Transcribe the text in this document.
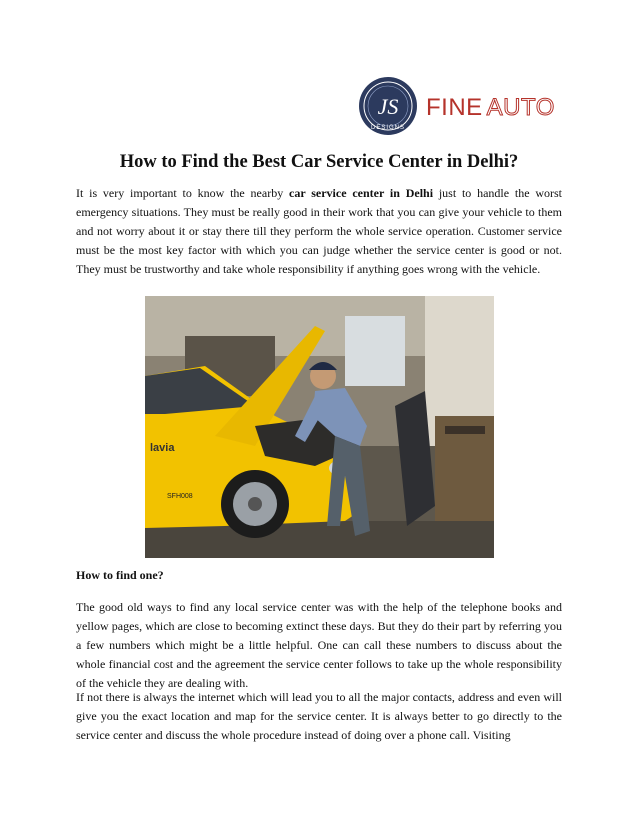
JS
DESIGNS
FINE AUTO
How to Find the Best Car Service Center in Delhi?

It is very important to know the nearby car service center in Delhi just to handle the worst emergency situations. They must be really good in their work that you can give your vehicle to them and not worry about it or stay there till they perform the whole service operation. Customer service must be the most key factor with which you can judge whether the service center is good or not. They must be trustworthy and take whole responsibility if anything goes wrong with the vehicle.

lavia
SFH008
How to find one?

The good old ways to find any local service center was with the help of the telephone books and yellow pages, which are close to becoming extinct these days. But they do their part by referring you a few numbers which might be a little helpful. One can call these numbers to discuss about the whole financial cost and the agreement the service center follows to take up the whole responsibility of the vehicle they are dealing with.

If not there is always the internet which will lead you to all the major contacts, address and even will give you the exact location and map for the service center. It is always better to go directly to the service center and discuss the whole procedure instead of doing over a phone call. Visiting
